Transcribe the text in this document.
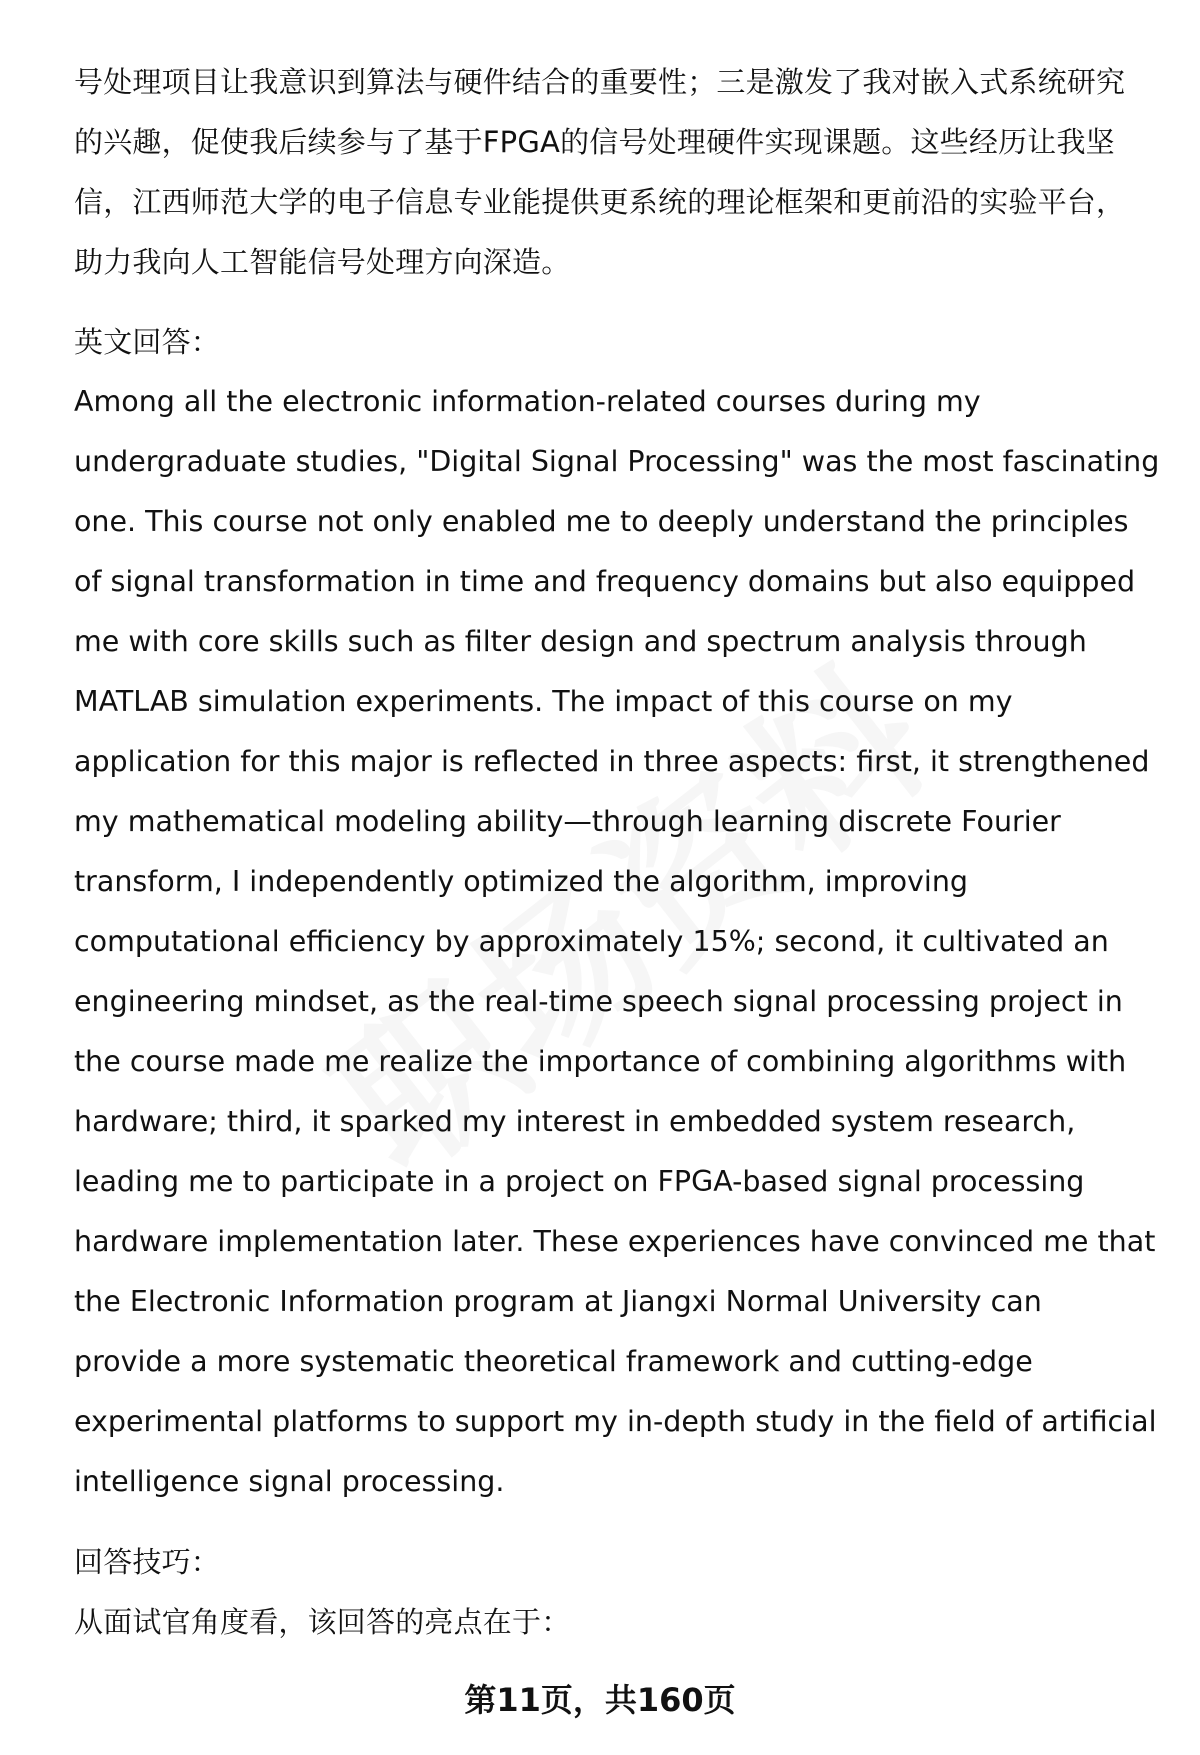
号处理项目让我意识到算法与硬件结合的重要性；三是激发了我对嵌入式系统研究
的兴趣，促使我后续参与了基于FPGA的信号处理硬件实现课题。这些经历让我坚
信，江西师范大学的电子信息专业能提供更系统的理论框架和更前沿的实验平台，
助力我向人工智能信号处理方向深造。
英文回答：
Among all the electronic information-related courses during my
undergraduate studies, "Digital Signal Processing" was the most fascinating
one. This course not only enabled me to deeply understand the principles
of signal transformation in time and frequency domains but also equipped
me with core skills such as filter design and spectrum analysis through
MATLAB simulation experiments. The impact of this course on my
application for this major is reflected in three aspects: first, it strengthened
my mathematical modeling ability—through learning discrete Fourier
transform, I independently optimized the algorithm, improving
computational efficiency by approximately 15%; second, it cultivated an
engineering mindset, as the real-time speech signal processing project in
the course made me realize the importance of combining algorithms with
hardware; third, it sparked my interest in embedded system research,
leading me to participate in a project on FPGA-based signal processing
hardware implementation later. These experiences have convinced me that
the Electronic Information program at Jiangxi Normal University can
provide a more systematic theoretical framework and cutting-edge
experimental platforms to support my in-depth study in the field of artificial
intelligence signal processing.
回答技巧：
从面试官角度看，该回答的亮点在于：
第11页，共160页
